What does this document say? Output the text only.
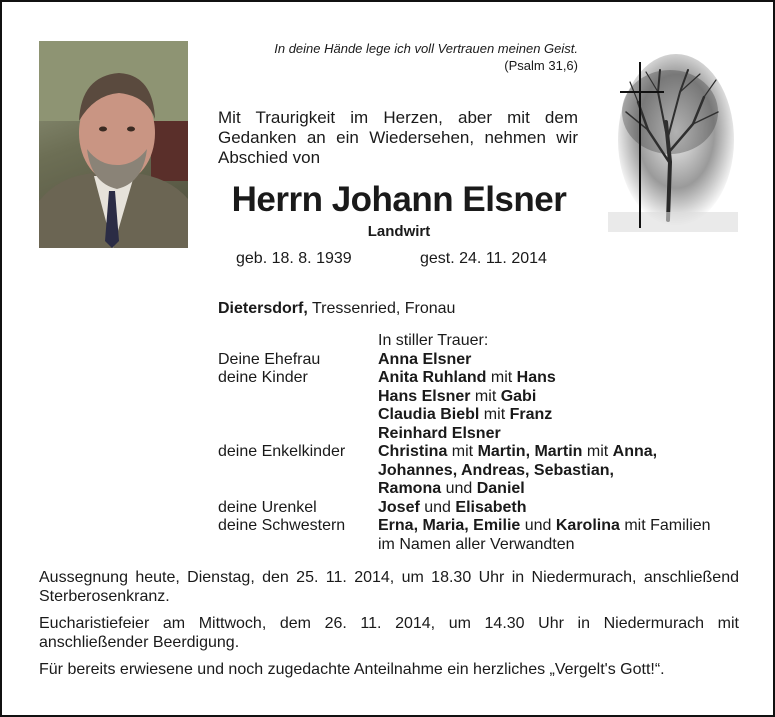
In deine Hände lege ich voll Vertrauen meinen Geist.
(Psalm 31,6)
Mit Traurigkeit im Herzen, aber mit dem Gedanken an ein Wiedersehen, nehmen wir Abschied von
Herrn Johann Elsner
Landwirt
geb. 18. 8. 1939	gest. 24. 11. 2014
Dietersdorf, Tressenried, Fronau
In stiller Trauer:
Deine Ehefrau	Anna Elsner
deine Kinder	Anita Ruhland mit Hans
Hans Elsner mit Gabi
Claudia Biebl mit Franz
Reinhard Elsner
deine Enkelkinder	Christina mit Martin, Martin mit Anna,
Johannes, Andreas, Sebastian,
Ramona und Daniel
deine Urenkel	Josef und Elisabeth
deine Schwestern	Erna, Maria, Emilie und Karolina mit Familien
im Namen aller Verwandten

Aussegnung heute, Dienstag, den 25. 11. 2014, um 18.30 Uhr in Niedermurach, anschließend Sterberosenkranz.

Eucharistiefeier am Mittwoch, dem 26. 11. 2014, um 14.30 Uhr in Niedermurach mit anschließender Beerdigung.

Für bereits erwiesene und noch zugedachte Anteilnahme ein herzliches „Vergelt's Gott!“.
